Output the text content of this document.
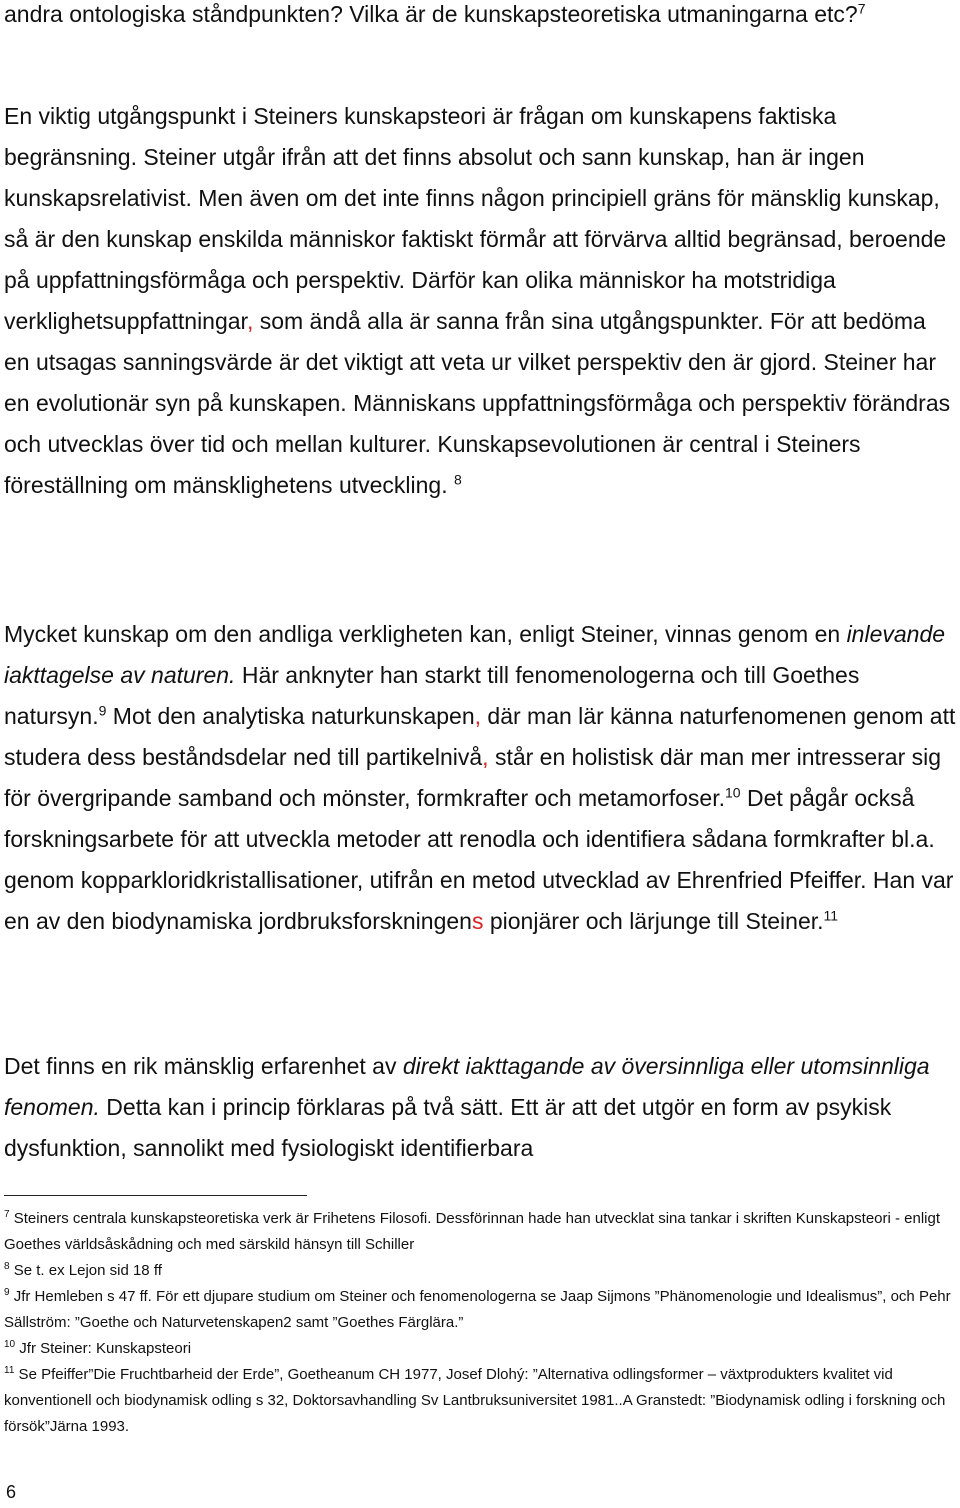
andra ontologiska ståndpunkten? Vilka är de kunskapsteoretiska utmaningarna etc?$^7$

En viktig utgångspunkt i Steiners kunskapsteori är frågan om kunskapens faktiska begränsning. Steiner utgår ifrån att det finns absolut och sann kunskap, han är ingen kunskapsrelativist. Men även om det inte finns någon principiell gräns för mänsklig kunskap, så är den kunskap enskilda människor faktiskt förmår att förvärva alltid begränsad, beroende på uppfattningsförmåga och perspektiv. Därför kan olika människor ha motstridiga verklighetsuppfattningar, som ändå alla är sanna från sina utgångspunkter. För att bedöma en utsagas sanningsvärde är det viktigt att veta ur vilket perspektiv den är gjord. Steiner har en evolutionär syn på kunskapen. Människans uppfattningsförmåga och perspektiv förändras och utvecklas över tid och mellan kulturer. Kunskapsevolutionen är central i Steiners föreställning om mänsklighetens utveckling. $^8$

Mycket kunskap om den andliga verkligheten kan, enligt Steiner, vinnas genom en inlevande iakttagelse av naturen. Här anknyter han starkt till fenomenologerna och till Goethes natursyn.$^9$ Mot den analytiska naturkunskapen, där man lär känna naturfenomenen genom att studera dess beståndsdelar ned till partikelnivå, står en holistisk där man mer intresserar sig för övergripande samband och mönster, formkrafter och metamorfoser.$^{10}$ Det pågår också forskningsarbete för att utveckla metoder att renodla och identifiera sådana formkrafter bl.a. genom kopparkloridkristallisationer, utifrån en metod utvecklad av Ehrenfried Pfeiffer. Han var en av den biodynamiska jordbruksforskningens pionjärer och lärjunge till Steiner.$^{11}$

Det finns en rik mänsklig erfarenhet av direkt iakttagande av översinnliga eller utomsinnliga fenomen. Detta kan i princip förklaras på två sätt. Ett är att det utgör en form av psykisk dysfunktion, sannolikt med fysiologiskt identifierbara

$^7$ Steiners centrala kunskapsteoretiska verk är Frihetens Filosofi. Dessförinnan hade han utvecklat sina tankar i skriften Kunskapsteori - enligt Goethes världsåskådning och med särskild hänsyn till Schiller

$^8$ Se t. ex Lejon sid 18 ff

$^9$ Jfr Hemleben s 47 ff. För ett djupare studium om Steiner och fenomenologerna se Jaap Sijmons ”Phänomenologie und Idealismus”, och Pehr Sällström: ”Goethe och Naturvetenskapen2 samt ”Goethes Färglära.”

$^{10}$ Jfr Steiner: Kunskapsteori

$^{11}$ Se Pfeiffer”Die Fruchtbarheid der Erde”, Goetheanum CH 1977, Josef Dlohý: ”Alternativa odlingsformer – växtprodukters kvalitet vid konventionell och biodynamisk odling s 32, Doktorsavhandling Sv Lantbruksuniversitet 1981..A Granstedt: ”Biodynamisk odling i forskning och försök”Järna 1993.

6
